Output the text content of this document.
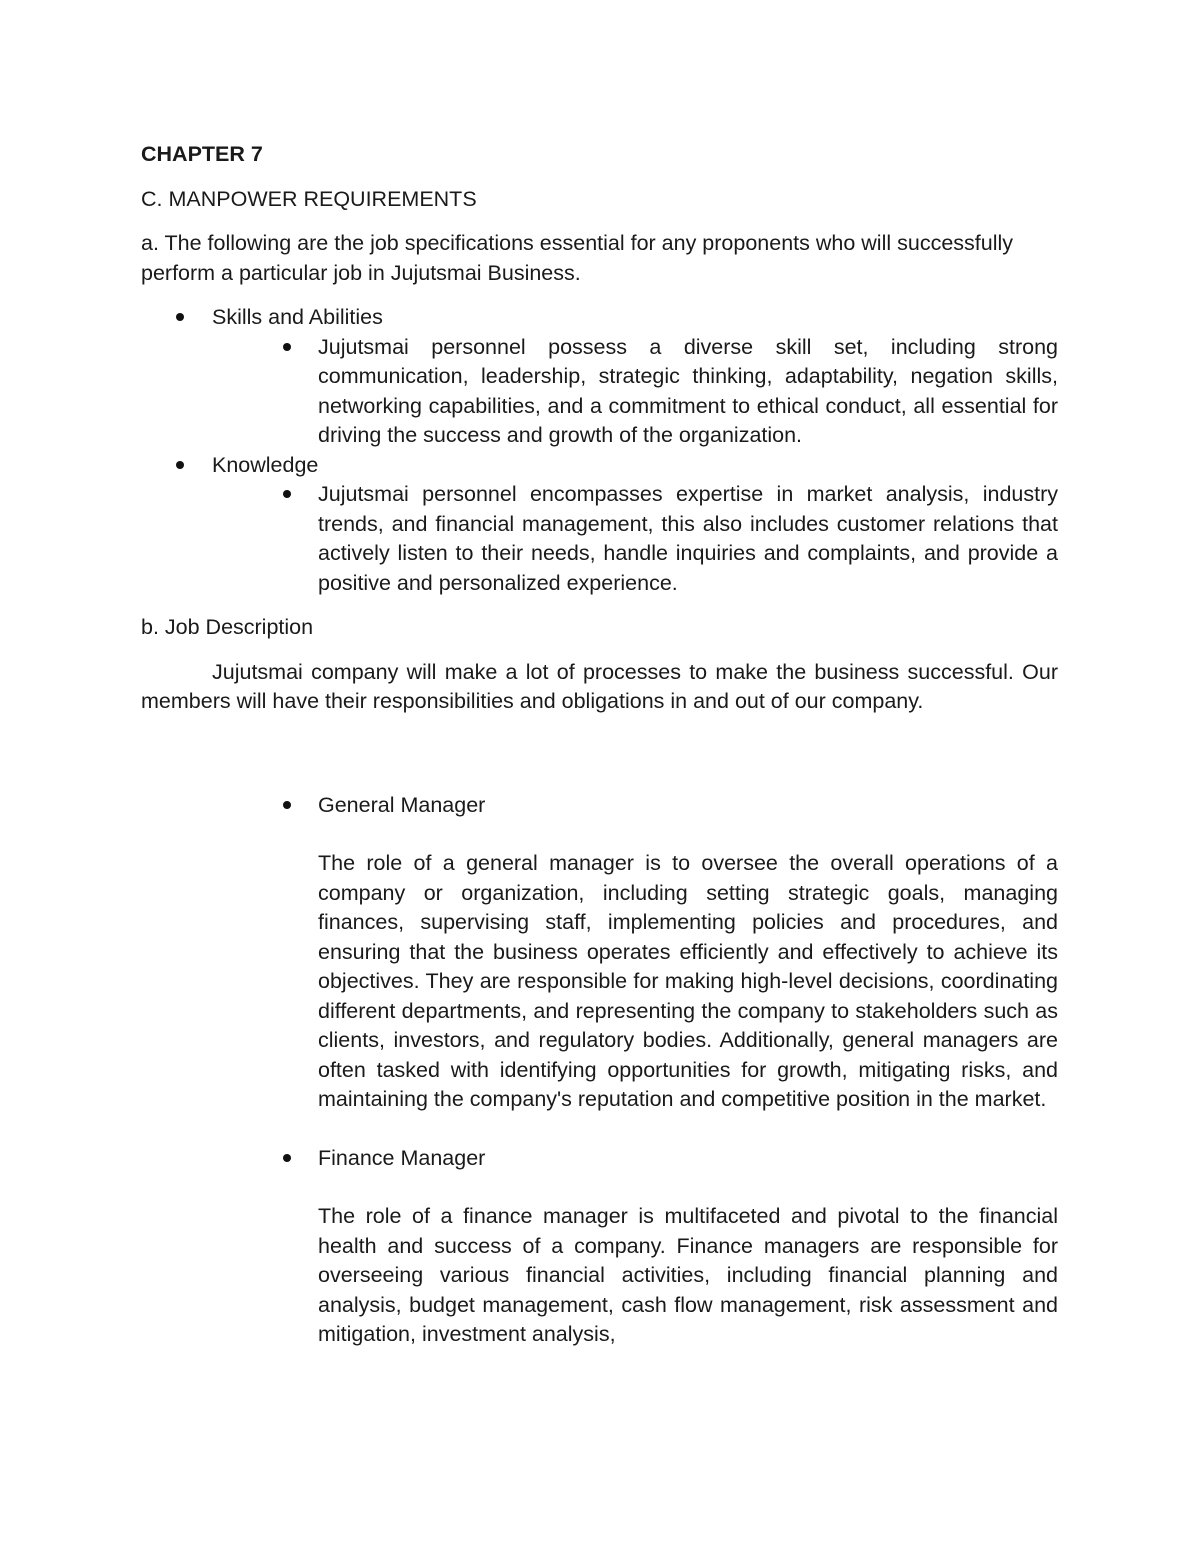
CHAPTER 7
C. MANPOWER REQUIREMENTS
a. The following are the job specifications essential for any proponents who will successfully perform a particular job in Jujutsmai Business.
Skills and Abilities
Jujutsmai personnel possess a diverse skill set, including strong communication, leadership, strategic thinking, adaptability, negation skills, networking capabilities, and a commitment to ethical conduct, all essential for driving the success and growth of the organization.
Knowledge
Jujutsmai personnel encompasses expertise in market analysis, industry trends, and financial management, this also includes customer relations that actively listen to their needs, handle inquiries and complaints, and provide a positive and personalized experience.
b. Job Description
Jujutsmai company will make a lot of processes to make the business successful. Our members will have their responsibilities and obligations in and out of our company.
General Manager
The role of a general manager is to oversee the overall operations of a company or organization, including setting strategic goals, managing finances, supervising staff, implementing policies and procedures, and ensuring that the business operates efficiently and effectively to achieve its objectives. They are responsible for making high-level decisions, coordinating different departments, and representing the company to stakeholders such as clients, investors, and regulatory bodies. Additionally, general managers are often tasked with identifying opportunities for growth, mitigating risks, and maintaining the company's reputation and competitive position in the market.
Finance Manager
The role of a finance manager is multifaceted and pivotal to the financial health and success of a company. Finance managers are responsible for overseeing various financial activities, including financial planning and analysis, budget management, cash flow management, risk assessment and mitigation, investment analysis,
